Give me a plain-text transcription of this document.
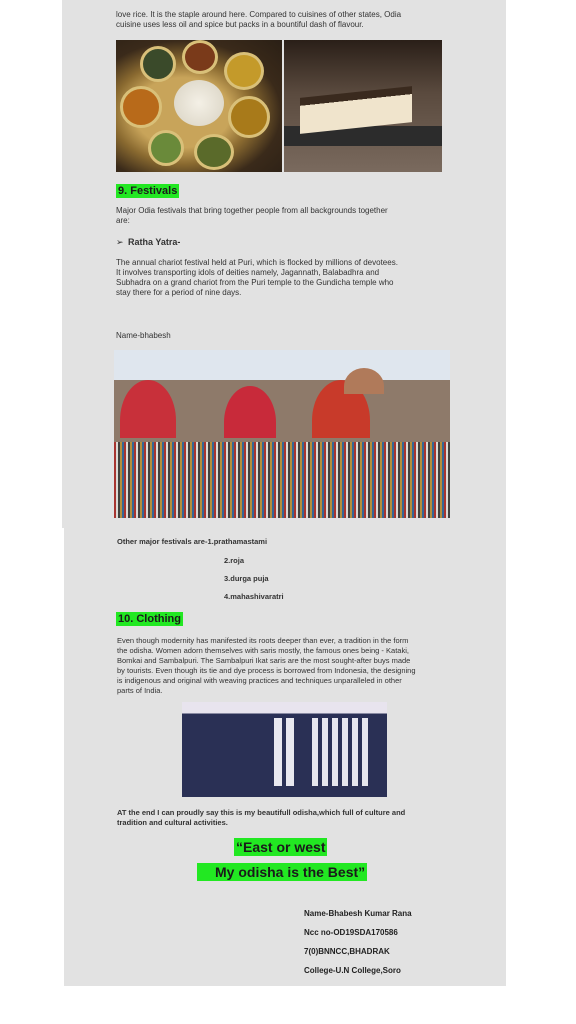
love rice. It is the staple around here. Compared to cuisines of other states, Odia
cuisine uses less oil and spice but packs in a bountiful dash of flavour.
9. Festivals
Major Odia festivals that bring together people from all backgrounds together
are:
➢ Ratha Yatra-
The annual chariot festival held at Puri, which is flocked by millions of devotees.
It involves transporting idols of deities namely, Jagannath, Balabadhra and
Subhadra on a grand chariot from the Puri temple to the Gundicha temple who
stay there for a period of nine days.
Name-bhabesh
Other major festivals are-1.prathamastami
2.roja
3.durga puja
4.mahashivaratri
10. Clothing
Even though modernity has manifested its roots deeper than ever, a tradition in the form
the odisha. Women adorn themselves with saris mostly, the famous ones being - Kataki,
Bomkai and Sambalpuri. The Sambalpuri Ikat saris are the most sought-after buys made
by tourists. Even though its tie and dye process is borrowed from Indonesia, the designing
is indigenous and original with weaving practices and techniques unparalleled in other
parts of India.
AT the end I can proudly say this is my beautifull odisha,which full of culture and
tradition and cultural activities.
“East or west
My odisha is the Best”
Name-Bhabesh Kumar Rana
Ncc no-OD19SDA170586
7(0)BNNCC,BHADRAK
College-U.N College,Soro
